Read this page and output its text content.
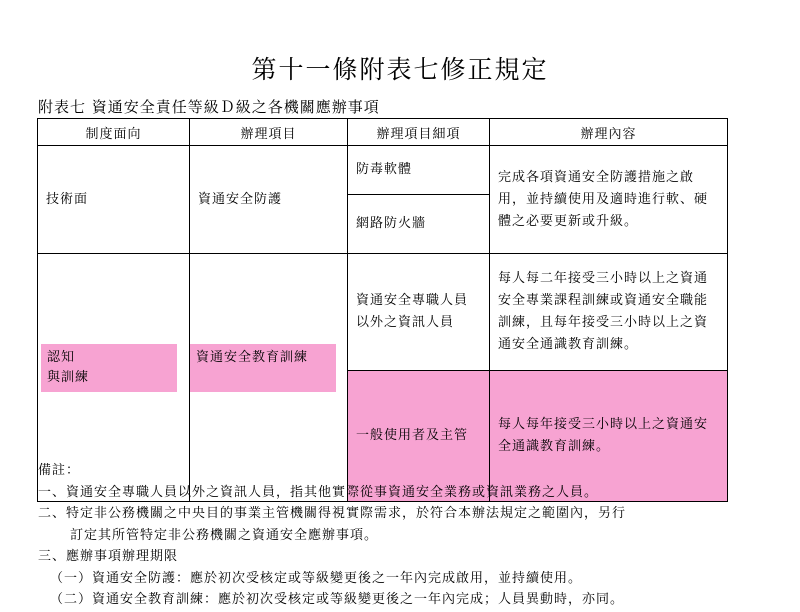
第十一條附表七修正規定
附表七 資通安全責任等級Ｄ級之各機關應辦事項
制度面向	辦理項目	辦理項目細項	辦理內容
技術面	資通安全防護	防毒軟體	完成各項資通安全防護措施之啟用，並持續使用及適時進行軟、硬體之必要更新或升級。
		網路防火牆	

認知
與訓練	資通安全教育訓練	資通安全專職人員以外之資訊人員	每人每二年接受三小時以上之資通安全專業課程訓練或資通安全職能訓練，且每年接受三小時以上之資通安全通識教育訓練。
		一般使用者及主管	每人每年接受三小時以上之資通安全通識教育訓練。
備註：
一、資通安全專職人員以外之資訊人員，指其他實際從事資通安全業務或資訊業務之人員。
二、特定非公務機關之中央目的事業主管機關得視實際需求，於符合本辦法規定之範圍內，另行
訂定其所管特定非公務機關之資通安全應辦事項。
三、應辦事項辦理期限
（一）資通安全防護：應於初次受核定或等級變更後之一年內完成啟用，並持續使用。
（二）資通安全教育訓練：應於初次受核定或等級變更後之一年內完成；人員異動時，亦同。
